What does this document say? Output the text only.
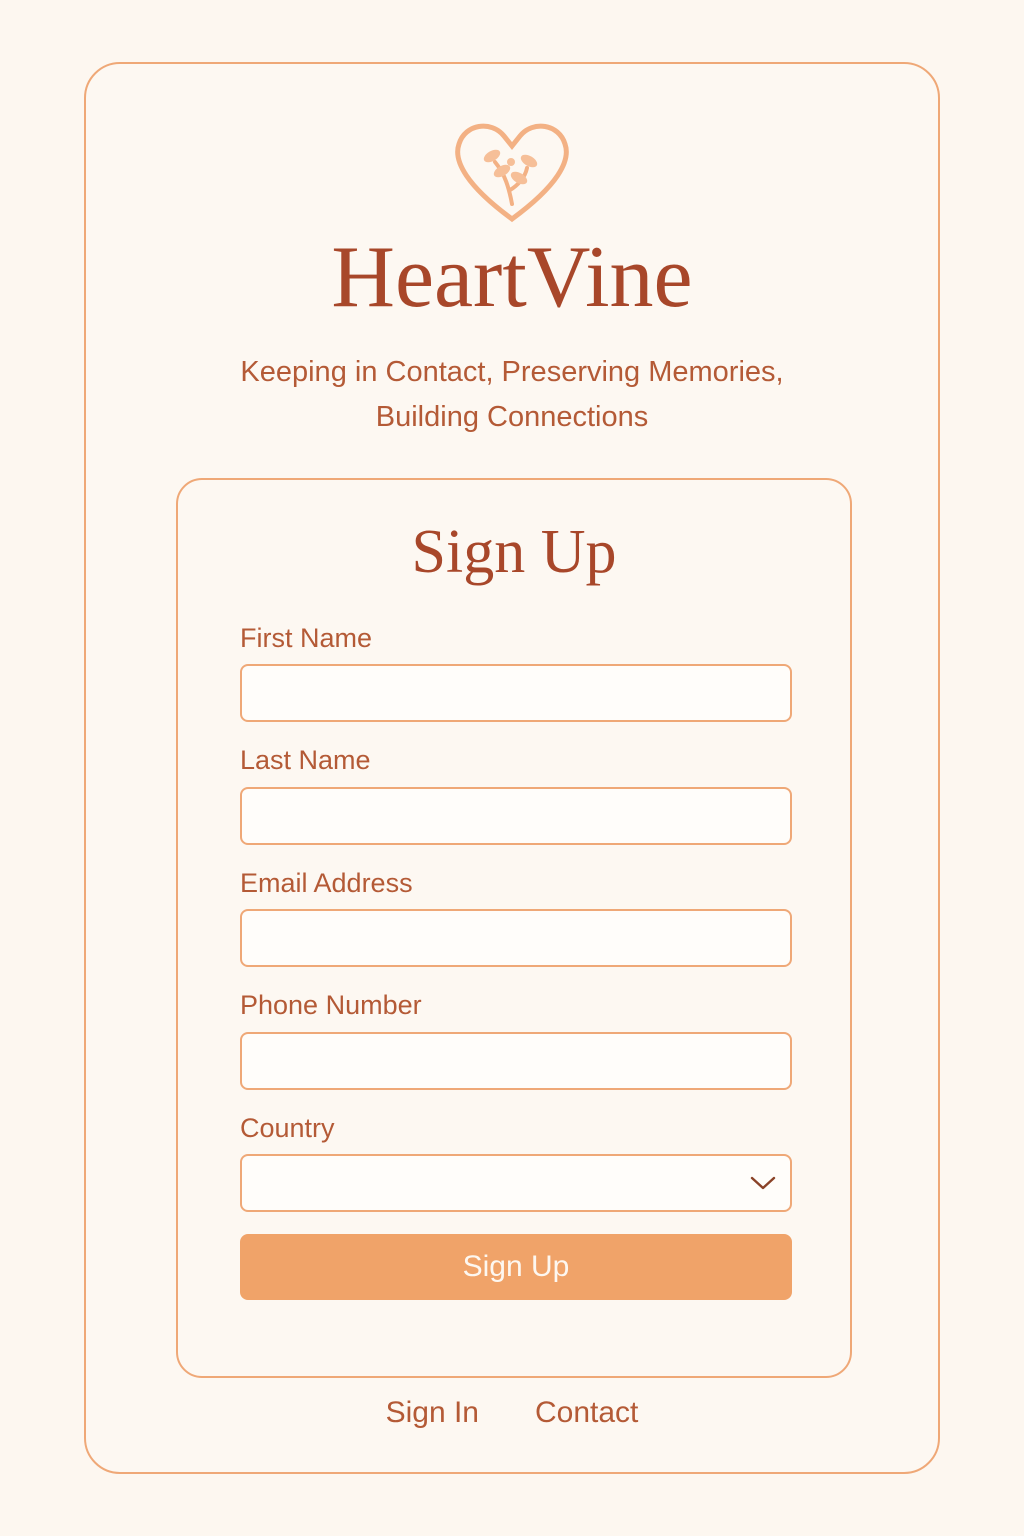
HeartVine
Keeping in Contact, Preserving Memories, Building Connections
Sign Up
First Name
Last Name
Email Address
Phone Number
Country
Sign Up
Sign In Contact
